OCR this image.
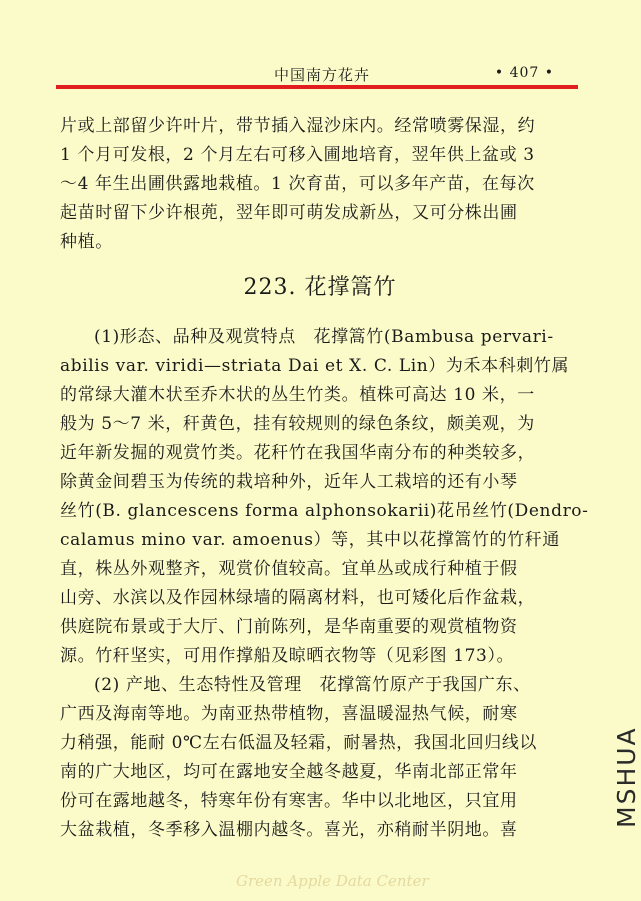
中国南方花卉	• 407 •
片或上部留少许叶片，带节插入湿沙床内。经常喷雾保湿，约
1 个月可发根，2 个月左右可移入圃地培育，翌年供上盆或 3
～4 年生出圃供露地栽植。1 次育苗，可以多年产苗，在每次
起苗时留下少许根蔸，翌年即可萌发成新丛，又可分株出圃
种植。
223. 花撑篙竹
(1)形态、品种及观赏特点　花撑篙竹(Bambusa pervari-
abilis var. viridi—striata Dai et X. C. Lin）为禾本科刺竹属
的常绿大灌木状至乔木状的丛生竹类。植株可高达 10 米，一
般为 5～7 米，秆黄色，挂有较规则的绿色条纹，颇美观，为
近年新发掘的观赏竹类。花秆竹在我国华南分布的种类较多，
除黄金间碧玉为传统的栽培种外，近年人工栽培的还有小琴
丝竹(B. glancescens forma alphonsokarii)花吊丝竹(Dendro-
calamus mino var. amoenus）等，其中以花撑篙竹的竹秆通
直，株丛外观整齐，观赏价值较高。宜单丛或成行种植于假
山旁、水滨以及作园林绿墙的隔离材料，也可矮化后作盆栽，
供庭院布景或于大厅、门前陈列，是华南重要的观赏植物资
源。竹秆坚实，可用作撑船及晾晒衣物等（见彩图 173）。
(2) 产地、生态特性及管理　花撑篙竹原产于我国广东、
广西及海南等地。为南亚热带植物，喜温暖湿热气候，耐寒
力稍强，能耐 0℃左右低温及轻霜，耐暑热，我国北回归线以
南的广大地区，均可在露地安全越冬越夏，华南北部正常年
份可在露地越冬，特寒年份有寒害。华中以北地区，只宜用
大盆栽植，冬季移入温棚内越冬。喜光，亦稍耐半阴地。喜
Green Apple Data Center
MSHUA
